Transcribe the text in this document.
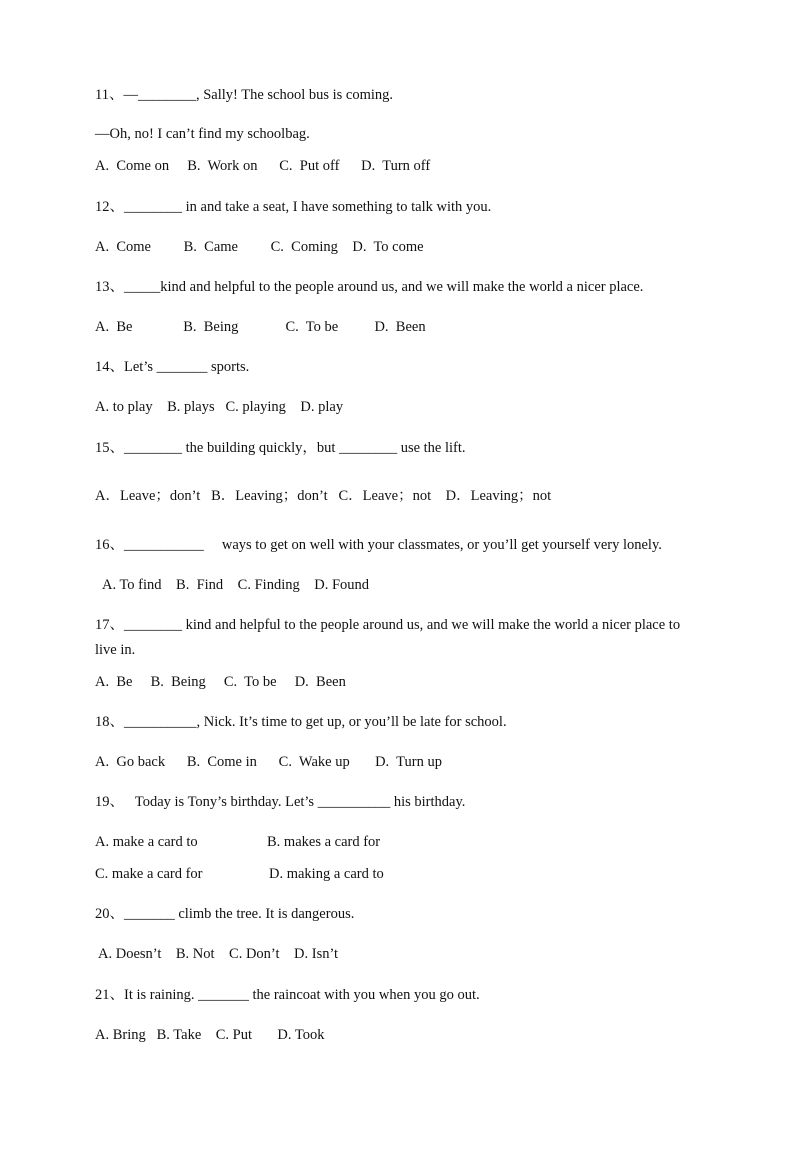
11、—________, Sally! The school bus is coming.
—Oh, no! I can’t find my schoolbag.
A.  Come on     B.  Work on      C.  Put off      D.  Turn off
12、________ in and take a seat, I have something to talk with you.
A.  Come         B.  Came         C.  Coming    D.  To come
13、_____kind and helpful to the people around us, and we will make the world a nicer place.
A.  Be              B.  Being             C.  To be          D.  Been
14、Let’s _______ sports.
A. to play    B. plays   C. playing    D. play
15、________ the building quickly，but ________ use the lift.
A．Leave；don’t   B．Leaving；don’t   C．Leave；not    D．Leaving；not
16、___________     ways to get on well with your classmates, or you’ll get yourself very lonely.
A. To find    B.  Find    C. Finding    D. Found
17、________ kind and helpful to the people around us, and we will make the world a nicer place to
live in.
A.  Be     B.  Being     C.  To be     D.  Been
18、__________, Nick. It’s time to get up, or you’ll be late for school.
A.  Go back      B.  Come in      C.  Wake up       D.  Turn up
19、   Today is Tony’s birthday. Let’s __________ his birthday.
A. make a card to	B. makes a card for
C. make a card for	D. making a card to
20、_______ climb the tree. It is dangerous.
A. Doesn’t    B. Not    C. Don’t    D. Isn’t
21、It is raining. _______ the raincoat with you when you go out.
A. Bring   B. Take    C. Put       D. Took
